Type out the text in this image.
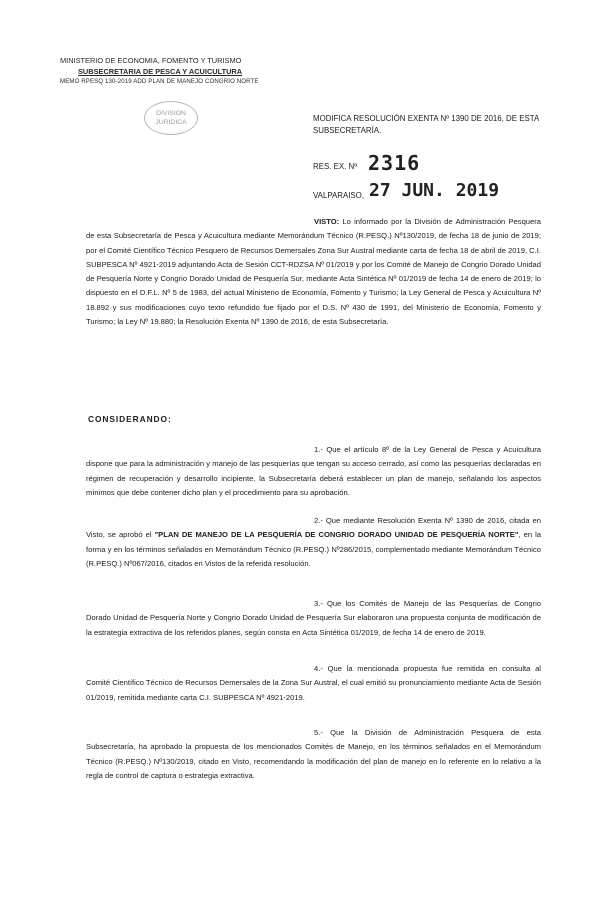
MINISTERIO DE ECONOMIA, FOMENTO Y TURISMO
SUBSECRETARIA DE PESCA Y ACUICULTURA
MEMO RPESQ 130-2019 ADD PLAN DE MANEJO CONGRIO NORTE
DIVISION
JURIDICA	MODIFICA RESOLUCIÓN EXENTA Nº 1390 DE 2016, DE ESTA SUBSECRETARÍA.
RES. EX. Nº 2316
VALPARAISO, 27 JUN. 2019
VISTO: Lo informado por la División de Administración Pesquera de esta Subsecretaría de Pesca y Acuicultura mediante Memorándum Técnico (R.PESQ.) Nº130/2019, de fecha 18 de junio de 2019; por el Comité Científico Técnico Pesquero de Recursos Demersales Zona Sur Austral mediante carta de fecha 18 de abril de 2019, C.I. SUBPESCA Nº 4921-2019 adjuntando Acta de Sesión CCT-RDZSA Nº 01/2019 y por los Comité de Manejo de Congrio Dorado Unidad de Pesquería Norte y Congrio Dorado Unidad de Pesquería Sur, mediante Acta Sintética Nº 01/2019 de fecha 14 de enero de 2019; lo dispuesto en el D.F.L. Nº 5 de 1983, del actual Ministerio de Economía, Fomento y Turismo; la Ley General de Pesca y Acuicultura Nº 18.892 y sus modificaciones cuyo texto refundido fue fijado por el D.S. Nº 430 de 1991, del Ministerio de Economía, Fomento y Turismo; la Ley Nº 19.880; la Resolución Exenta Nº 1390 de 2016, de esta Subsecretaría.
CONSIDERANDO:
1.- Que el artículo 8º de la Ley General de Pesca y Acuicultura dispone que para la administración y manejo de las pesquerías que tengan su acceso cerrado, así como las pesquerías declaradas en régimen de recuperación y desarrollo incipiente, la Subsecretaría deberá establecer un plan de manejo, señalando los aspectos mínimos que debe contener dicho plan y el procedimiento para su aprobación.
2.- Que mediante Resolución Exenta Nº 1390 de 2016, citada en Visto, se aprobó el "PLAN DE MANEJO DE LA PESQUERÍA DE CONGRIO DORADO UNIDAD DE PESQUERÍA NORTE", en la forma y en los términos señalados en Memorándum Técnico (R.PESQ.) Nº286/2015, complementado mediante Memorándum Técnico (R.PESQ.) Nº067/2016, citados en Vistos de la referida resolución.
3.- Que los Comités de Manejo de las Pesquerías de Congrio Dorado Unidad de Pesquería Norte y Congrio Dorado Unidad de Pesquería Sur elaboraron una propuesta conjunta de modificación de la estrategia extractiva de los referidos planes, según consta en Acta Sintética 01/2019, de fecha 14 de enero de 2019.
4.- Que la mencionada propuesta fue remitida en consulta al Comité Científico Técnico de Recursos Demersales de la Zona Sur Austral, el cual emitió su pronunciamiento mediante Acta de Sesión 01/2019, remitida mediante carta C.I. SUBPESCA Nº 4921-2019.
5.- Que la División de Administración Pesquera de esta Subsecretaría, ha aprobado la propuesta de los mencionados Comités de Manejo, en los términos señalados en el Memorándum Técnico (R.PESQ.) Nº130/2019, citado en Visto, recomendando la modificación del plan de manejo en lo referente en lo relativo a la regla de control de captura o estrategia extractiva.
